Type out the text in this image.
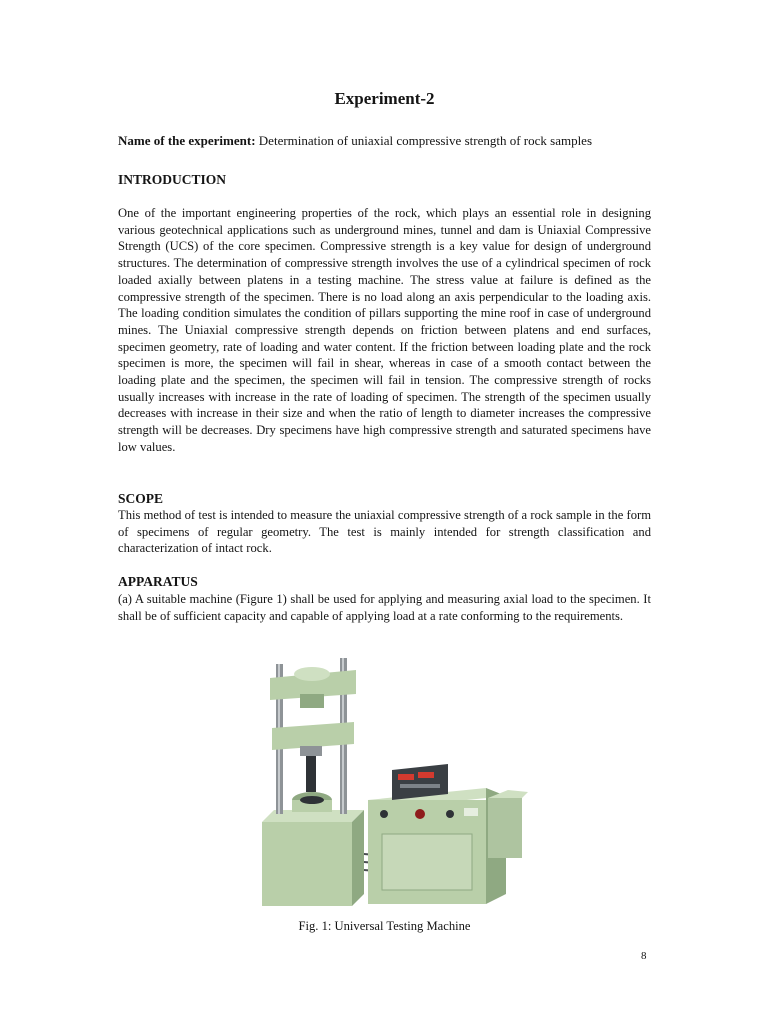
Experiment-2

Name of the experiment: Determination of uniaxial compressive strength of rock samples

INTRODUCTION

One of the important engineering properties of the rock, which plays an essential role in designing various geotechnical applications such as underground mines, tunnel and dam is Uniaxial Compressive Strength (UCS) of the core specimen. Compressive strength is a key value for design of underground structures. The determination of compressive strength involves the use of a cylindrical specimen of rock loaded axially between platens in a testing machine. The stress value at failure is defined as the compressive strength of the specimen. There is no load along an axis perpendicular to the loading axis. The loading condition simulates the condition of pillars supporting the mine roof in case of underground mines. The Uniaxial compressive strength depends on friction between platens and end surfaces, specimen geometry, rate of loading and water content. If the friction between loading plate and the rock specimen is more, the specimen will fail in shear, whereas in case of a smooth contact between the loading plate and the specimen, the specimen will fail in tension. The compressive strength of rocks usually increases with increase in the rate of loading of specimen. The strength of the specimen usually decreases with increase in their size and when the ratio of length to diameter increases the compressive strength will be decreases. Dry specimens have high compressive strength and saturated specimens have low values.

SCOPE

This method of test is intended to measure the uniaxial compressive strength of a rock sample in the form of specimens of regular geometry. The test is mainly intended for strength classification and characterization of intact rock.

APPARATUS

(a) A suitable machine (Figure 1) shall be used for applying and measuring axial load to the specimen. It shall be of sufficient capacity and capable of applying load at a rate conforming to the requirements.

Fig. 1: Universal Testing Machine

8
